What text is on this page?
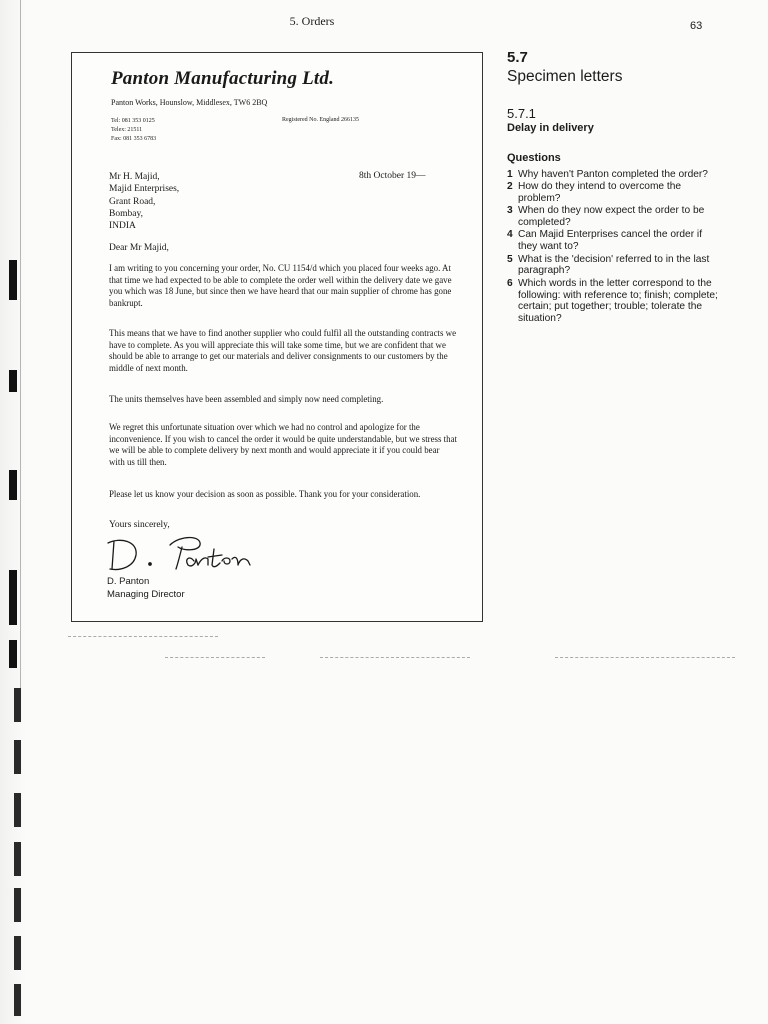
5. Orders	63
Panton Manufacturing Ltd.
Panton Works, Hounslow, Middlesex, TW6 2BQ
Tel: 081 353 0125
Telex: 21511
Fax: 081 353 6783
Registered No. England 266135
Mr H. Majid,
Majid Enterprises,
Grant Road,
Bombay,
INDIA
8th October 19—
Dear Mr Majid,

I am writing to you concerning your order, No. CU 1154/d which you placed four weeks ago. At that time we had expected to be able to complete the order well within the delivery date we gave you which was 18 June, but since then we have heard that our main supplier of chrome has gone bankrupt.

This means that we have to find another supplier who could fulfil all the outstanding contracts we have to complete. As you will appreciate this will take some time, but we are confident that we should be able to arrange to get our materials and deliver consignments to our customers by the middle of next month.

The units themselves have been assembled and simply now need completing.

We regret this unfortunate situation over which we had no control and apologize for the inconvenience. If you wish to cancel the order it would be quite understandable, but we stress that we will be able to complete delivery by next month and would appreciate it if you could bear with us till then.

Please let us know your decision as soon as possible. Thank you for your consideration.

Yours sincerely,
D. Panton
Managing Director
5.7
Specimen letters
5.7.1
Delay in delivery
Questions
1 Why haven't Panton completed the order?
2 How do they intend to overcome the problem?
3 When do they now expect the order to be completed?
4 Can Majid Enterprises cancel the order if they want to?
5 What is the 'decision' referred to in the last paragraph?
6 Which words in the letter correspond to the following: with reference to; finish; complete; certain; put together; trouble; tolerate the situation?
